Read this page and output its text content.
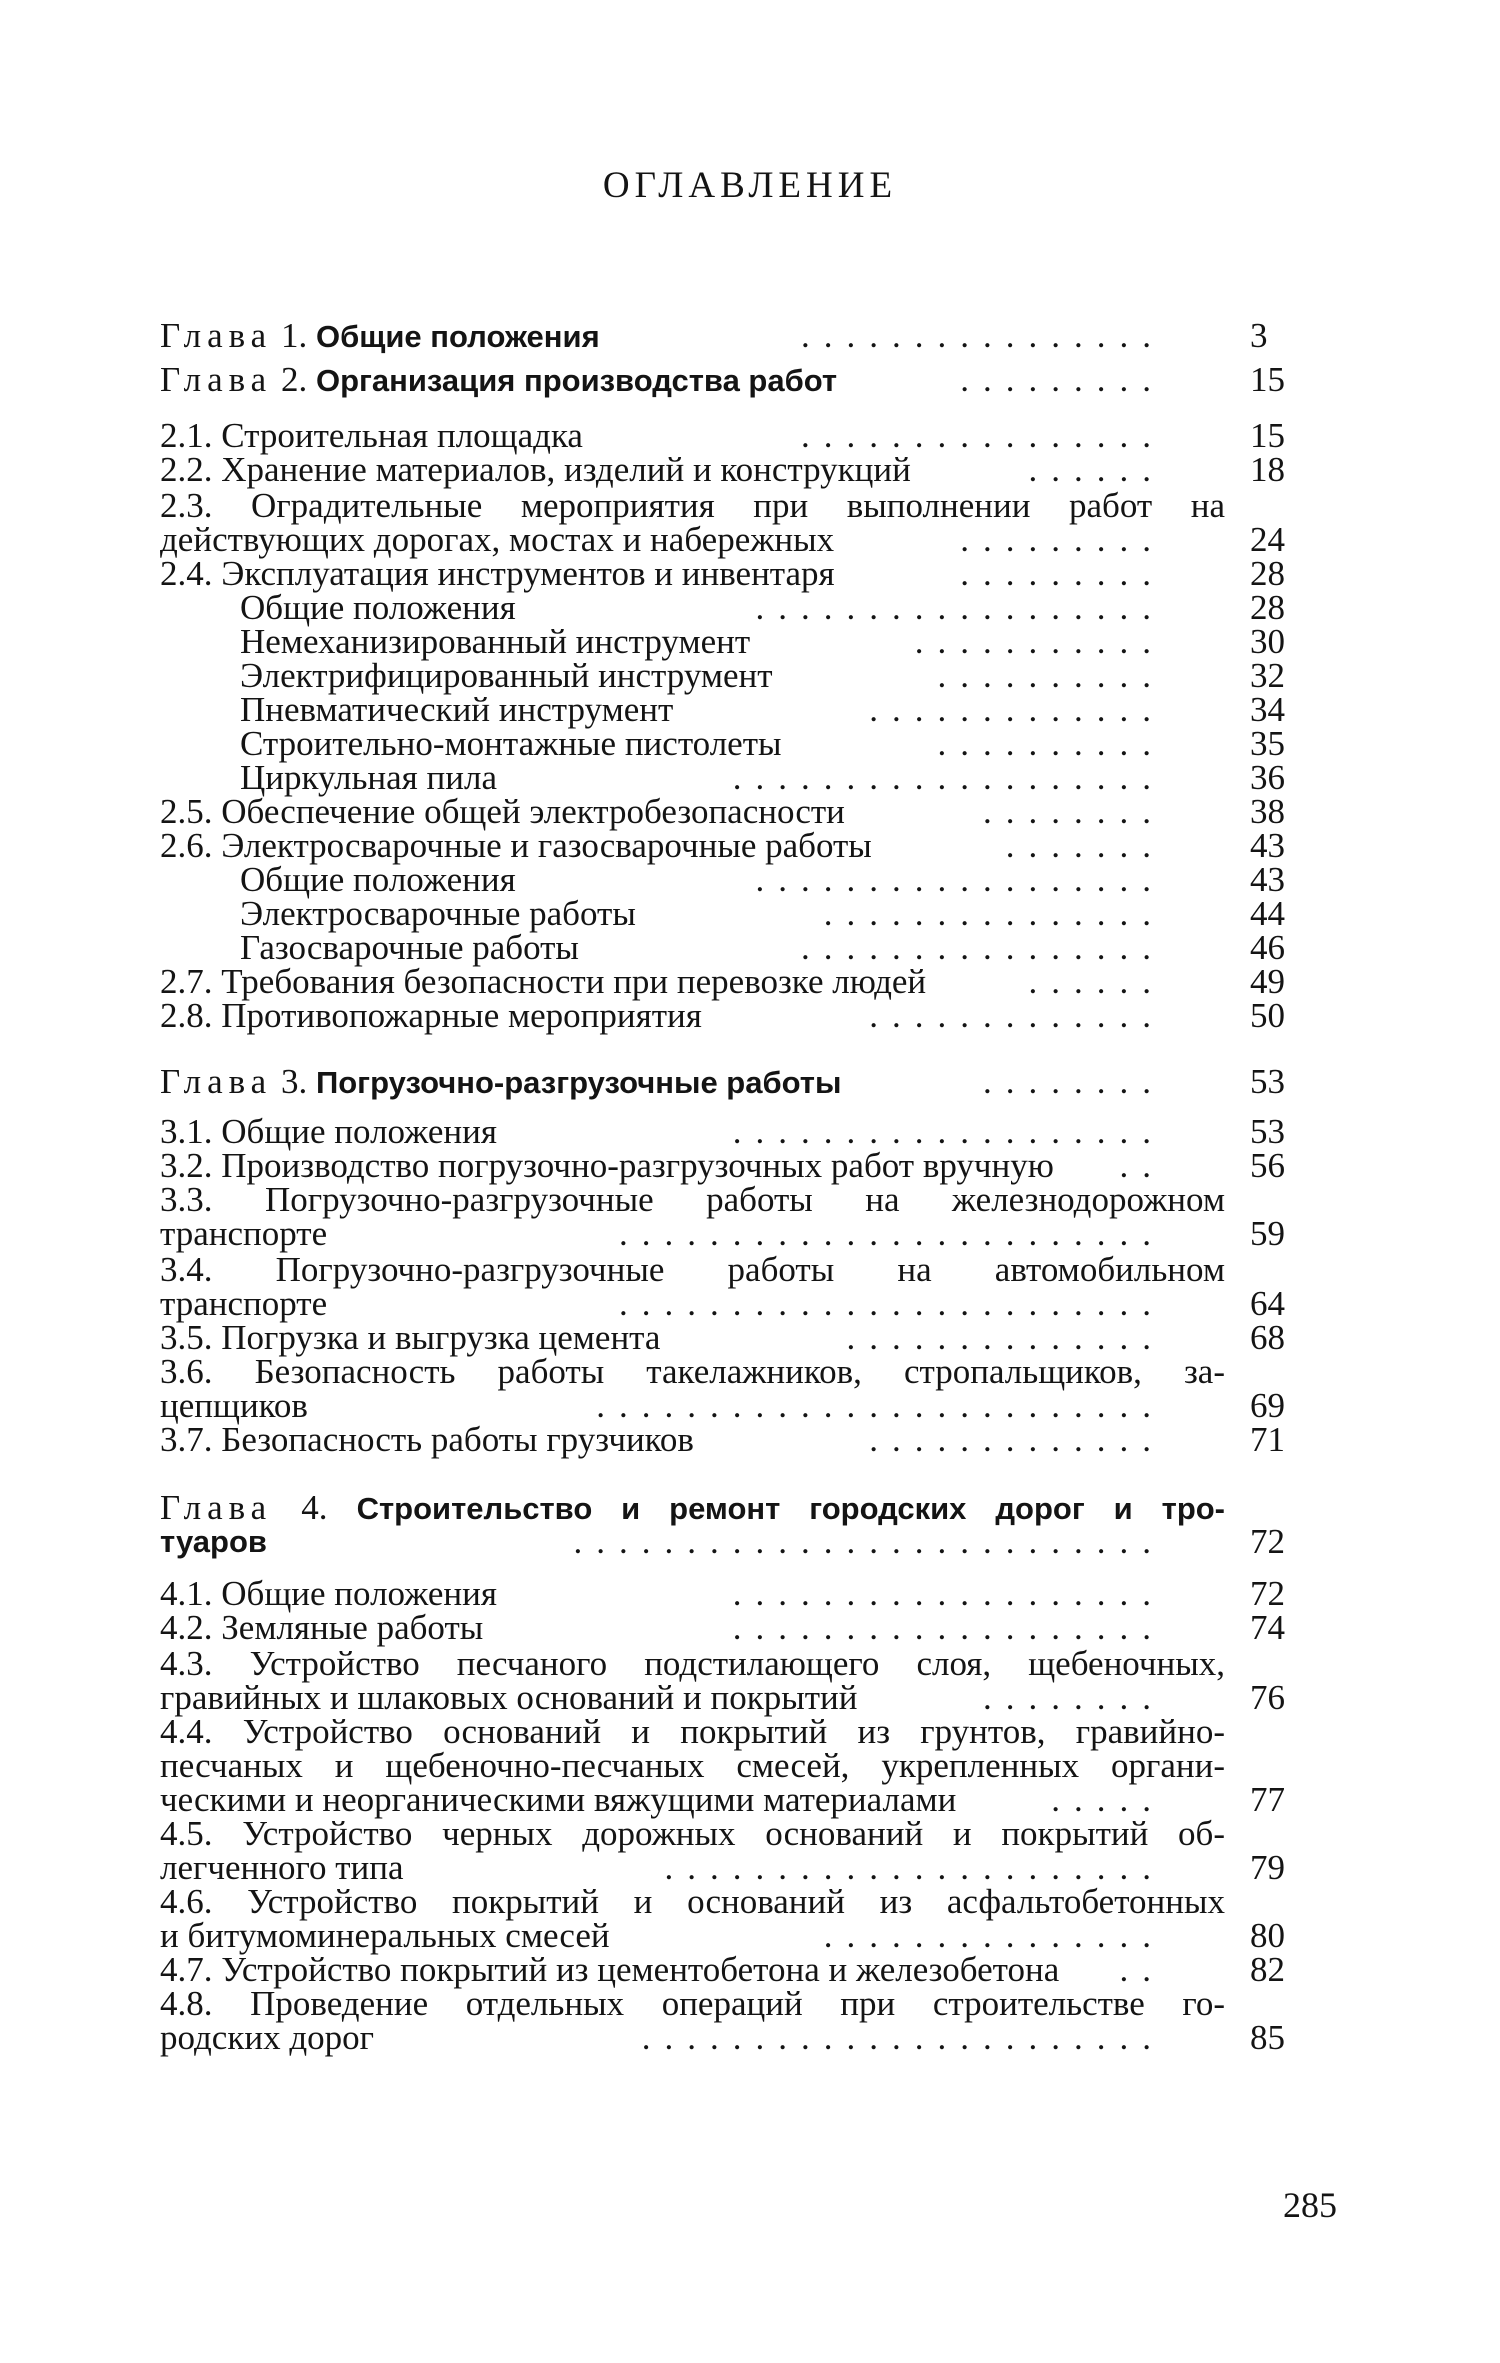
ОГЛАВЛЕНИЕ
Глава 1. Общие положения	................ 3
Глава 2. Организация производства работ	......... 15
2.1. Строительная площадка	................ 15
2.2. Хранение материалов, изделий и конструкций	...... 18
2.3. Оградительные мероприятия при выполнении работ на
действующих дорогах, мостах и набережных	......... 24
2.4. Эксплуатация инструментов и инвентаря	......... 28
Общие положения	.................. 28
Немеханизированный инструмент	........... 30
Электрифицированный инструмент	.......... 32
Пневматический инструмент	............. 34
Строительно-монтажные пистолеты	.......... 35
Циркульная пила	................... 36
2.5. Обеспечение общей электробезопасности	........ 38
2.6. Электросварочные и газосварочные работы	....... 43
Общие положения	.................. 43
Электросварочные работы	............... 44
Газосварочные работы	................ 46
2.7. Требования безопасности при перевозке людей	...... 49
2.8. Противопожарные мероприятия	............. 50
Глава 3. Погрузочно-разгрузочные работы	........ 53
3.1. Общие положения	................... 53
3.2. Производство погрузочно-разгрузочных работ вручную	.. 56
3.3. Погрузочно-разгрузочные работы на железнодорожном
транспорте	........................ 59
3.4. Погрузочно-разгрузочные работы на автомобильном
транспорте	........................ 64
3.5. Погрузка и выгрузка цемента	.............. 68
3.6. Безопасность работы такелажников, стропальщиков, за-
цепщиков	......................... 69
3.7. Безопасность работы грузчиков	............. 71
Глава 4. Строительство и ремонт городских дорог и тро-
туаров	.......................... 72
4.1. Общие положения	................... 72
4.2. Земляные работы	................... 74
4.3. Устройство песчаного подстилающего слоя, щебеночных,
гравийных и шлаковых оснований и покрытий	........ 76
4.4. Устройство оснований и покрытий из грунтов, гравийно-
песчаных и щебеночно-песчаных смесей, укрепленных органи-
ческими и неорганическими вяжущими материалами	..... 77
4.5. Устройство черных дорожных оснований и покрытий об-
легченного типа	...................... 79
4.6. Устройство покрытий и оснований из асфальтобетонных
и битумоминеральных смесей	............... 80
4.7. Устройство покрытий из цементобетона и железобетона	.. 82
4.8. Проведение отдельных операций при строительстве го-
родских дорог	....................... 85
285
